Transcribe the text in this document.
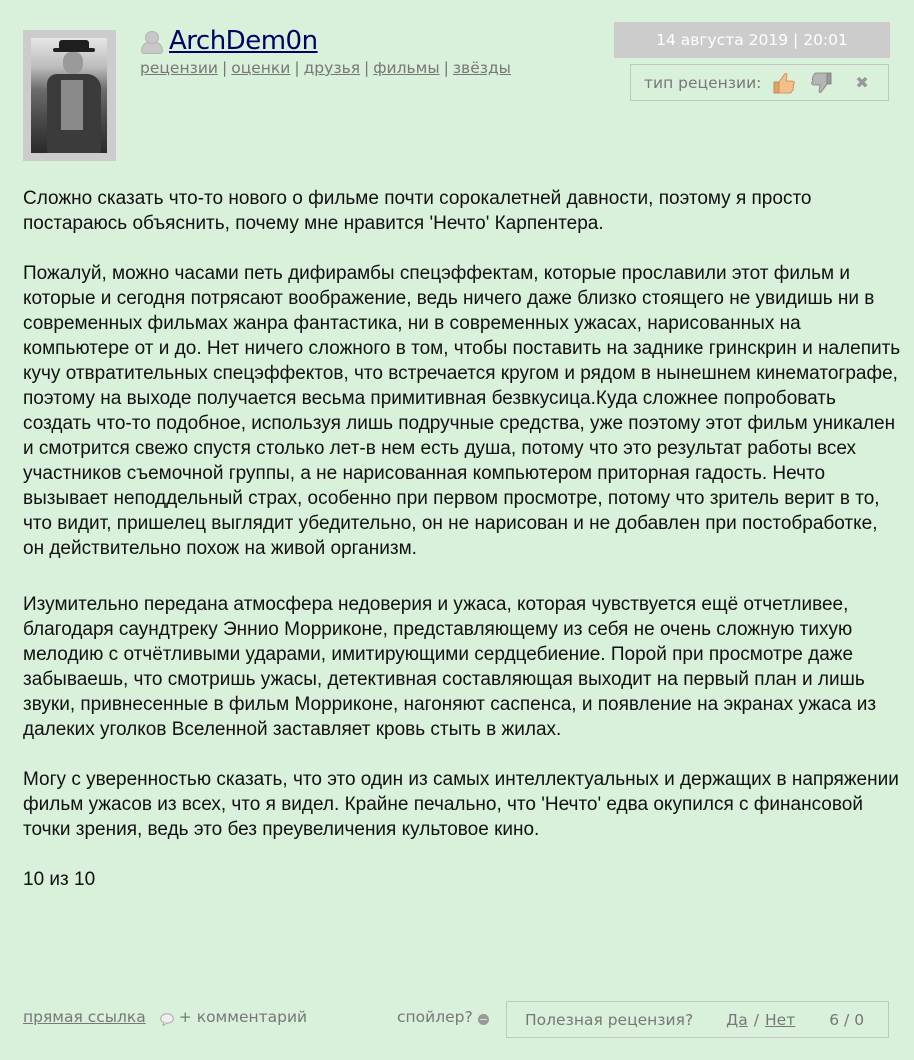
ArchDem0n
рецензии | оценки | друзья | фильмы | звёзды
14 августа 2019 | 20:01
тип рецензии:	✖

Сложно сказать что-то нового о фильме почти сорокалетней давности, поэтому я просто постараюсь объяснить, почему мне нравится 'Нечто' Карпентера.

Пожалуй, можно часами петь дифирамбы спецэффектам, которые прославили этот фильм и которые и сегодня потрясают воображение, ведь ничего даже близко стоящего не увидишь ни в современных фильмах жанра фантастика, ни в современных ужасах, нарисованных на компьютере от и до. Нет ничего сложного в том, чтобы поставить на заднике гринскрин и налепить кучу отвратительных спецэффектов, что встречается кругом и рядом в нынешнем кинематографе, поэтому на выходе получается весьма примитивная безвкусица.Куда сложнее попробовать создать что-то подобное, используя лишь подручные средства, уже поэтому этот фильм уникален и смотрится свежо спустя столько лет-в нем есть душа, потому что это результат работы всех участников съемочной группы, а не нарисованная компьютером приторная гадость. Нечто вызывает неподдельный страх, особенно при первом просмотре, потому что зритель верит в то, что видит, пришелец выглядит убедительно, он не нарисован и не добавлен при постобработке, он действительно похож на живой организм.

Изумительно передана атмосфера недоверия и ужаса, которая чувствуется ещё отчетливее, благодаря саундтреку Эннио Морриконе, представляющему из себя не очень сложную тихую мелодию с отчётливыми ударами, имитирующими сердцебиение. Порой при просмотре даже забываешь, что смотришь ужасы, детективная составляющая выходит на первый план и лишь звуки, привнесенные в фильм Морриконе, нагоняют саспенса, и появление на экранах ужаса из далеких уголков Вселенной заставляет кровь стыть в жилах.

Могу с уверенностью сказать, что это один из самых интеллектуальных и держащих в напряжении фильм ужасов из всех, что я видел. Крайне печально, что 'Нечто' едва окупился с финансовой точки зрения, ведь это без преувеличения культовое кино.

10 из 10

прямая ссылка + комментарий	спойлер?	Полезная рецензия? Да / Нет 6 / 0
